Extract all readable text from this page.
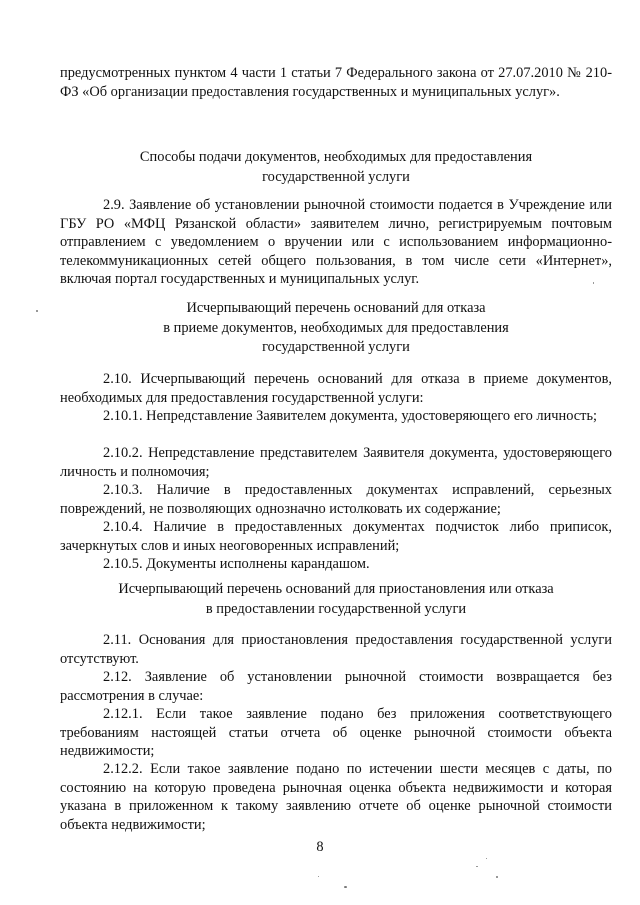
предусмотренных пунктом 4 части 1 статьи 7 Федерального закона от 27.07.2010 № 210-ФЗ «Об организации предоставления государственных и муниципальных услуг».

Способы подачи документов, необходимых для предоставления
государственной услуги

2.9. Заявление об установлении рыночной стоимости подается в Учреждение или ГБУ РО «МФЦ Рязанской области» заявителем лично, регистрируемым почтовым отправлением с уведомлением о вручении или с использованием информационно-телекоммуникационных сетей общего пользования, в том числе сети «Интернет», включая портал государственных и муниципальных услуг.

Исчерпывающий перечень оснований для отказа
в приеме документов, необходимых для предоставления
государственной услуги

2.10. Исчерпывающий перечень оснований для отказа в приеме документов, необходимых для предоставления государственной услуги:

2.10.1. Непредставление Заявителем документа, удостоверяющего его личность;

2.10.2. Непредставление представителем Заявителя документа, удостоверяющего личность и полномочия;

2.10.3. Наличие в предоставленных документах исправлений, серьезных повреждений, не позволяющих однозначно истолковать их содержание;

2.10.4. Наличие в предоставленных документах подчисток либо приписок, зачеркнутых слов и иных неоговоренных исправлений;

2.10.5. Документы исполнены карандашом.

Исчерпывающий перечень оснований для приостановления или отказа
в предоставлении государственной услуги

2.11. Основания для приостановления предоставления государственной услуги отсутствуют.

2.12. Заявление об установлении рыночной стоимости возвращается без рассмотрения в случае:

2.12.1. Если такое заявление подано без приложения соответствующего требованиям настоящей статьи отчета об оценке рыночной стоимости объекта недвижимости;

2.12.2. Если такое заявление подано по истечении шести месяцев с даты, по состоянию на которую проведена рыночная оценка объекта недвижимости и которая указана в приложенном к такому заявлению отчете об оценке рыночной стоимости объекта недвижимости;

8
